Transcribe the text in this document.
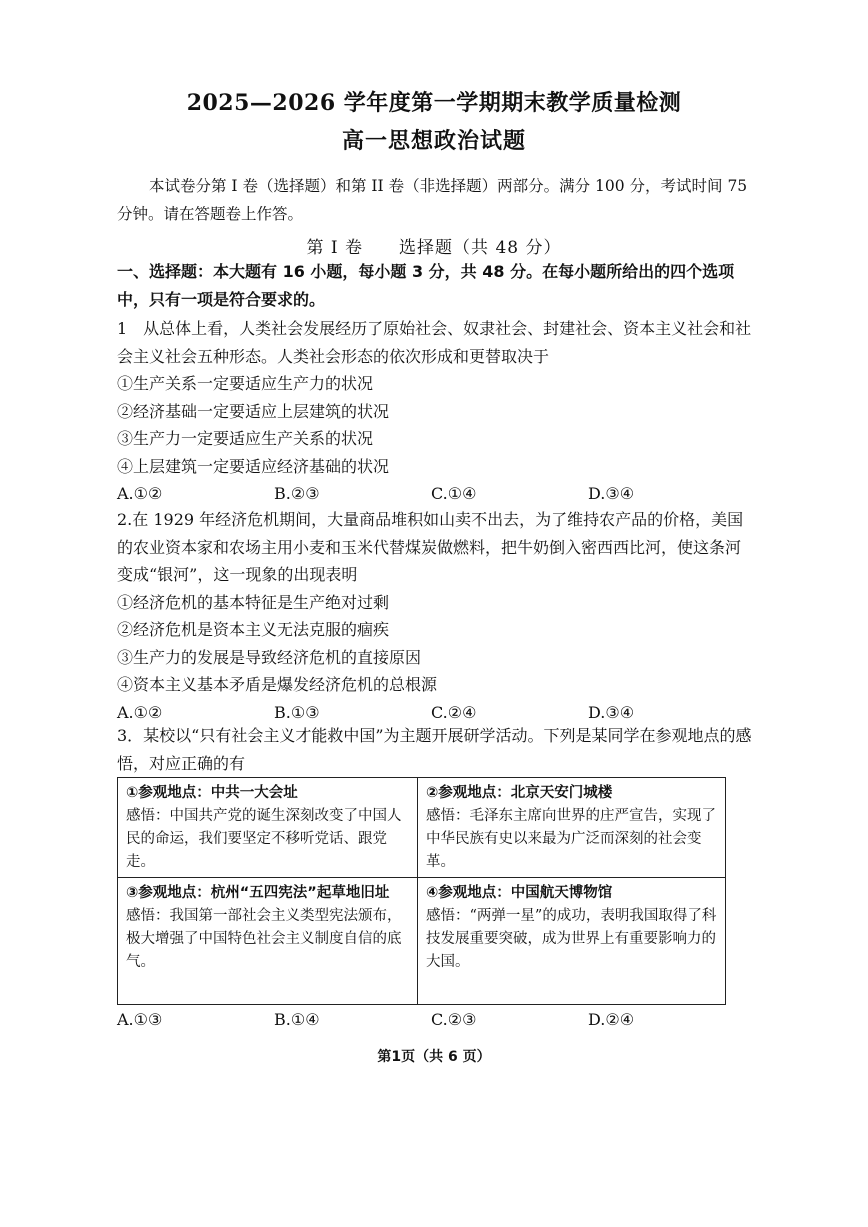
2025—2026 学年度第一学期期末教学质量检测
高一思想政治试题
本试卷分第 I 卷（选择题）和第 II 卷（非选择题）两部分。满分 100 分，考试时间 75 分钟。请在答题卷上作答。
第 I 卷　　选择题（共 48 分）
一、选择题：本大题有 16 小题，每小题 3 分，共 48 分。在每小题所给出的四个选项中，只有一项是符合要求的。
1　从总体上看，人类社会发展经历了原始社会、奴隶社会、封建社会、资本主义社会和社会主义社会五种形态。人类社会形态的依次形成和更替取决于
①生产关系一定要适应生产力的状况
②经济基础一定要适应上层建筑的状况
③生产力一定要适应生产关系的状况
④上层建筑一定要适应经济基础的状况
A.①②	B.②③	C.①④	D.③④
2.在 1929 年经济危机期间，大量商品堆积如山卖不出去，为了维持农产品的价格，美国的农业资本家和农场主用小麦和玉米代替煤炭做燃料，把牛奶倒入密西西比河，使这条河变成“银河”，这一现象的出现表明
①经济危机的基本特征是生产绝对过剩
②经济危机是资本主义无法克服的痼疾
③生产力的发展是导致经济危机的直接原因
④资本主义基本矛盾是爆发经济危机的总根源
A.①②	B.①③	C.②④	D.③④
3．某校以“只有社会主义才能救中国”为主题开展研学活动。下列是某同学在参观地点的感悟，对应正确的有
①参观地点：中共一大会址
感悟：中国共产党的诞生深刻改变了中国人民的命运，我们要坚定不移听党话、跟党走。
②参观地点：北京天安门城楼
感悟：毛泽东主席向世界的庄严宣告，实现了中华民族有史以来最为广泛而深刻的社会变革。
③参观地点：杭州“五四宪法”起草地旧址
感悟：我国第一部社会主义类型宪法颁布，极大增强了中国特色社会主义制度自信的底气。
④参观地点：中国航天博物馆
感悟：“两弹一星”的成功，表明我国取得了科技发展重要突破，成为世界上有重要影响力的大国。
A.①③	B.①④	C.②③	D.②④
第1页（共 6 页）
